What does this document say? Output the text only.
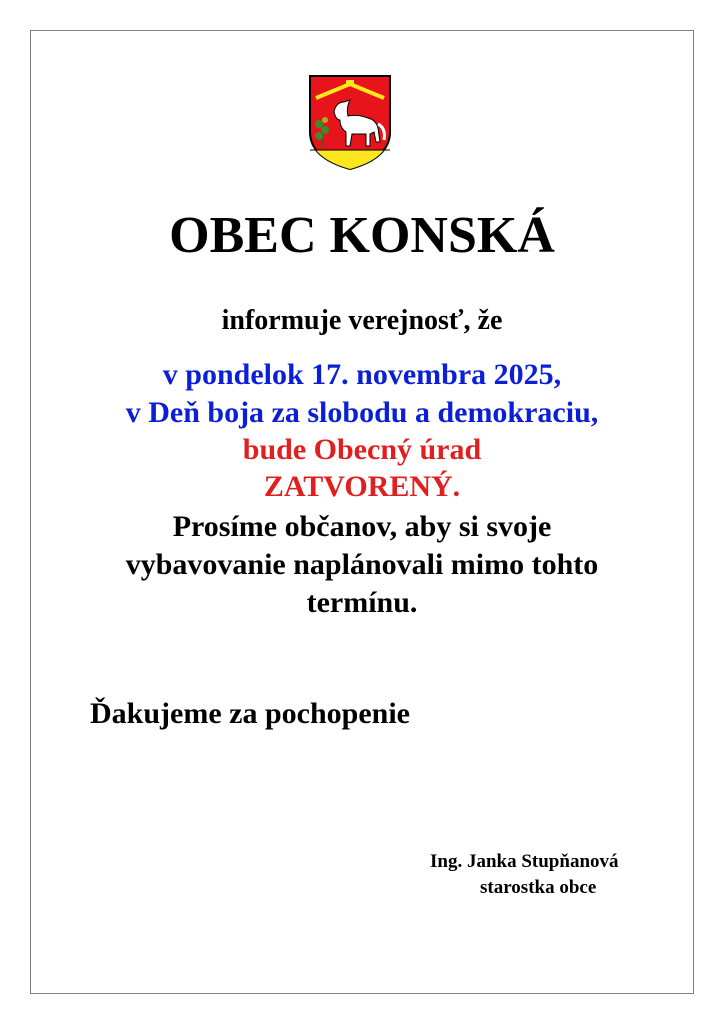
OBEC KONSKÁ
informuje verejnosť, že
v pondelok 17. novembra 2025,
v Deň boja za slobodu a demokraciu,
bude Obecný úrad
ZATVORENÝ.
Prosíme občanov, aby si svoje
vybavovanie naplánovali mimo tohto
termínu.
Ďakujeme za pochopenie
Ing. Janka Stupňanová
starostka obce
